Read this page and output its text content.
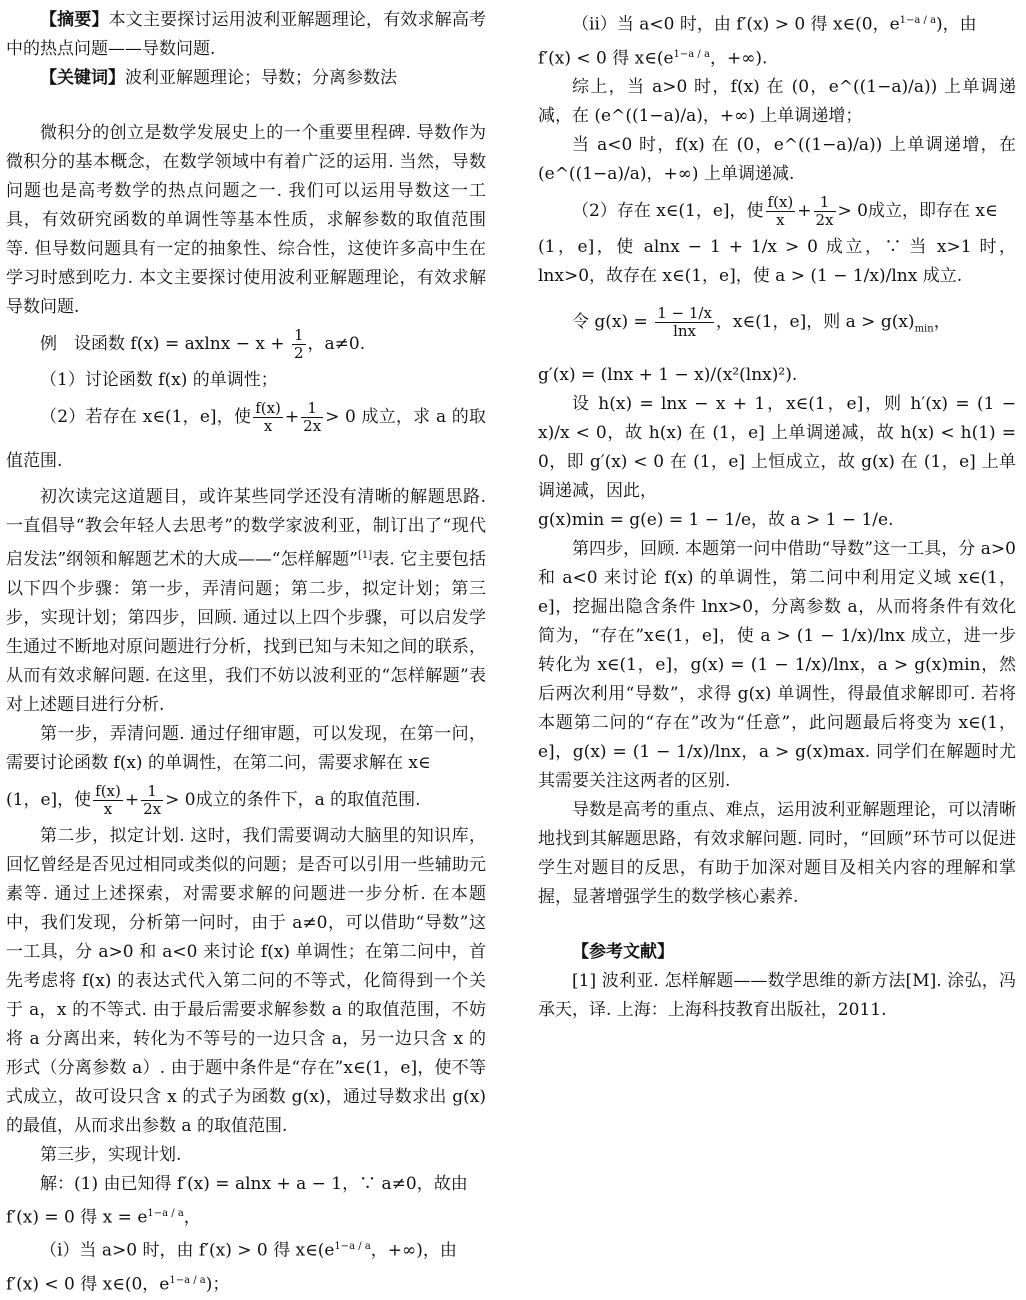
【摘要】本文主要探讨运用波利亚解题理论，有效求解高考中的热点问题——导数问题.

【关键词】波利亚解题理论；导数；分离参数法

微积分的创立是数学发展史上的一个重要里程碑. 导数作为微积分的基本概念，在数学领域中有着广泛的运用. 当然，导数问题也是高考数学的热点问题之一. 我们可以运用导数这一工具，有效研究函数的单调性等基本性质，求解参数的取值范围等. 但导数问题具有一定的抽象性、综合性，这使许多高中生在学习时感到吃力. 本文主要探讨使用波利亚解题理论，有效求解导数问题.

例　设函数 $f(x) = axlnx - x + \frac{1}{2}$ ，a≠0.

（1）讨论函数 f(x) 的单调性；

（2）若存在 x∈(1，e]，使 $\frac{f(x)}{x} + \frac{1}{2x} > 0$ 成立，求 a 的取值范围.

初次读完这道题目，或许某些同学还没有清晰的解题思路. 一直倡导“教会年轻人去思考”的数学家波利亚，制订出了“现代启发法”纲领和解题艺术的大成——“怎样解题”[1]表. 它主要包括以下四个步骤：第一步，弄清问题；第二步，拟定计划；第三步，实现计划；第四步，回顾. 通过以上四个步骤，可以启发学生通过不断地对原问题进行分析，找到已知与未知之间的联系，从而有效求解问题. 在这里，我们不妨以波利亚的“怎样解题”表对上述题目进行分析.

第一步，弄清问题. 通过仔细审题，可以发现，在第一问，需要讨论函数 f(x) 的单调性，在第二问，需要求解在 x∈

(1，e]，使 $\frac{f(x)}{x} + \frac{1}{2x} > 0$成立的条件下，a 的取值范围.

第二步，拟定计划. 这时，我们需要调动大脑里的知识库，回忆曾经是否见过相同或类似的问题；是否可以引用一些辅助元素等. 通过上述探索，对需要求解的问题进一步分析. 在本题中，我们发现，分析第一问时，由于 a≠0，可以借助“导数”这一工具，分 a>0 和 a<0 来讨论 f(x) 单调性；在第二问中，首先考虑将 f(x) 的表达式代入第二问的不等式，化简得到一个关于 a，x 的不等式. 由于最后需要求解参数 a 的取值范围，不妨将 a 分离出来，转化为不等号的一边只含 a，另一边只含 x 的形式（分离参数 a）. 由于题中条件是“存在”x∈(1，e]，使不等式成立，故可设只含 x 的式子为函数 g(x)，通过导数求出 g(x) 的最值，从而求出参数 a 的取值范围.

第三步，实现计划.

解：(1) 由已知得 f′(x) = alnx + a − 1，∵ a≠0，故由

f′(x) = 0 得 $x = e^{1-a / a}$，

（ⅰ）当 a>0 时，由 f′(x) > 0 得 $x\in(e^{1-a / a}$，+∞)，由

f′(x) < 0 得 x∈(0，$e^{1-a / a}$)；

（ⅱ）当 a<0 时，由 f′(x) > 0 得 x∈(0，$e^{1-a / a}$)，由

f′(x) < 0 得 $x\in(e^{1-a / a}$，+∞).

综上，当 a>0 时，f(x) 在 (0，e^((1−a)/a)) 上单调递减，在 (e^((1−a)/a)，+∞) 上单调递增；

当 a<0 时，f(x) 在 (0，e^((1−a)/a)) 上单调递增，在 (e^((1−a)/a)，+∞) 上单调递减.

（2）存在 x∈(1，e]，使 $\frac{f(x)}{x} + \frac{1}{2x} > 0$成立，即存在 x∈

(1，e]，使 alnx − 1 + 1/x > 0 成立，∵ 当 x>1 时，lnx>0，故存在 x∈(1，e]，使 a > (1 − 1/x)/lnx 成立.

令 $g(x) = \frac{1 - 1/x}{\ln x}$ ，x∈(1，e]，则 $a > g(x)_{min}$，

g′(x) = (lnx + 1 − x)/(x²(lnx)²).

设 h(x) = lnx − x + 1，x∈(1，e]，则 h′(x) = (1 − x)/x < 0，故 h(x) 在 (1，e] 上单调递减，故 h(x) < h(1) = 0，即 g′(x) < 0 在 (1，e] 上恒成立，故 g(x) 在 (1，e] 上单调递减，因此，

g(x)min = g(e) = 1 − 1/e，故 a > 1 − 1/e.

第四步，回顾. 本题第一问中借助“导数”这一工具，分 a>0 和 a<0 来讨论 f(x) 的单调性，第二问中利用定义域 x∈(1，e]，挖掘出隐含条件 lnx>0，分离参数 a，从而将条件有效化简为，“存在”x∈(1，e]，使 a > (1 − 1/x)/lnx 成立，进一步转化为 x∈(1，e]，g(x) = (1 − 1/x)/lnx，a > g(x)min，然后两次利用“导数”，求得 g(x) 单调性，得最值求解即可. 若将本题第二问的“存在”改为“任意”，此问题最后将变为 x∈(1，e]，g(x) = (1 − 1/x)/lnx，a > g(x)max. 同学们在解题时尤其需要关注这两者的区别.

导数是高考的重点、难点，运用波利亚解题理论，可以清晰地找到其解题思路，有效求解问题. 同时，“回顾”环节可以促进学生对题目的反思，有助于加深对题目及相关内容的理解和掌握，显著增强学生的数学核心素养.

【参考文献】

[1] 波利亚. 怎样解题——数学思维的新方法[M]. 涂弘，冯承天，译. 上海：上海科技教育出版社，2011.
